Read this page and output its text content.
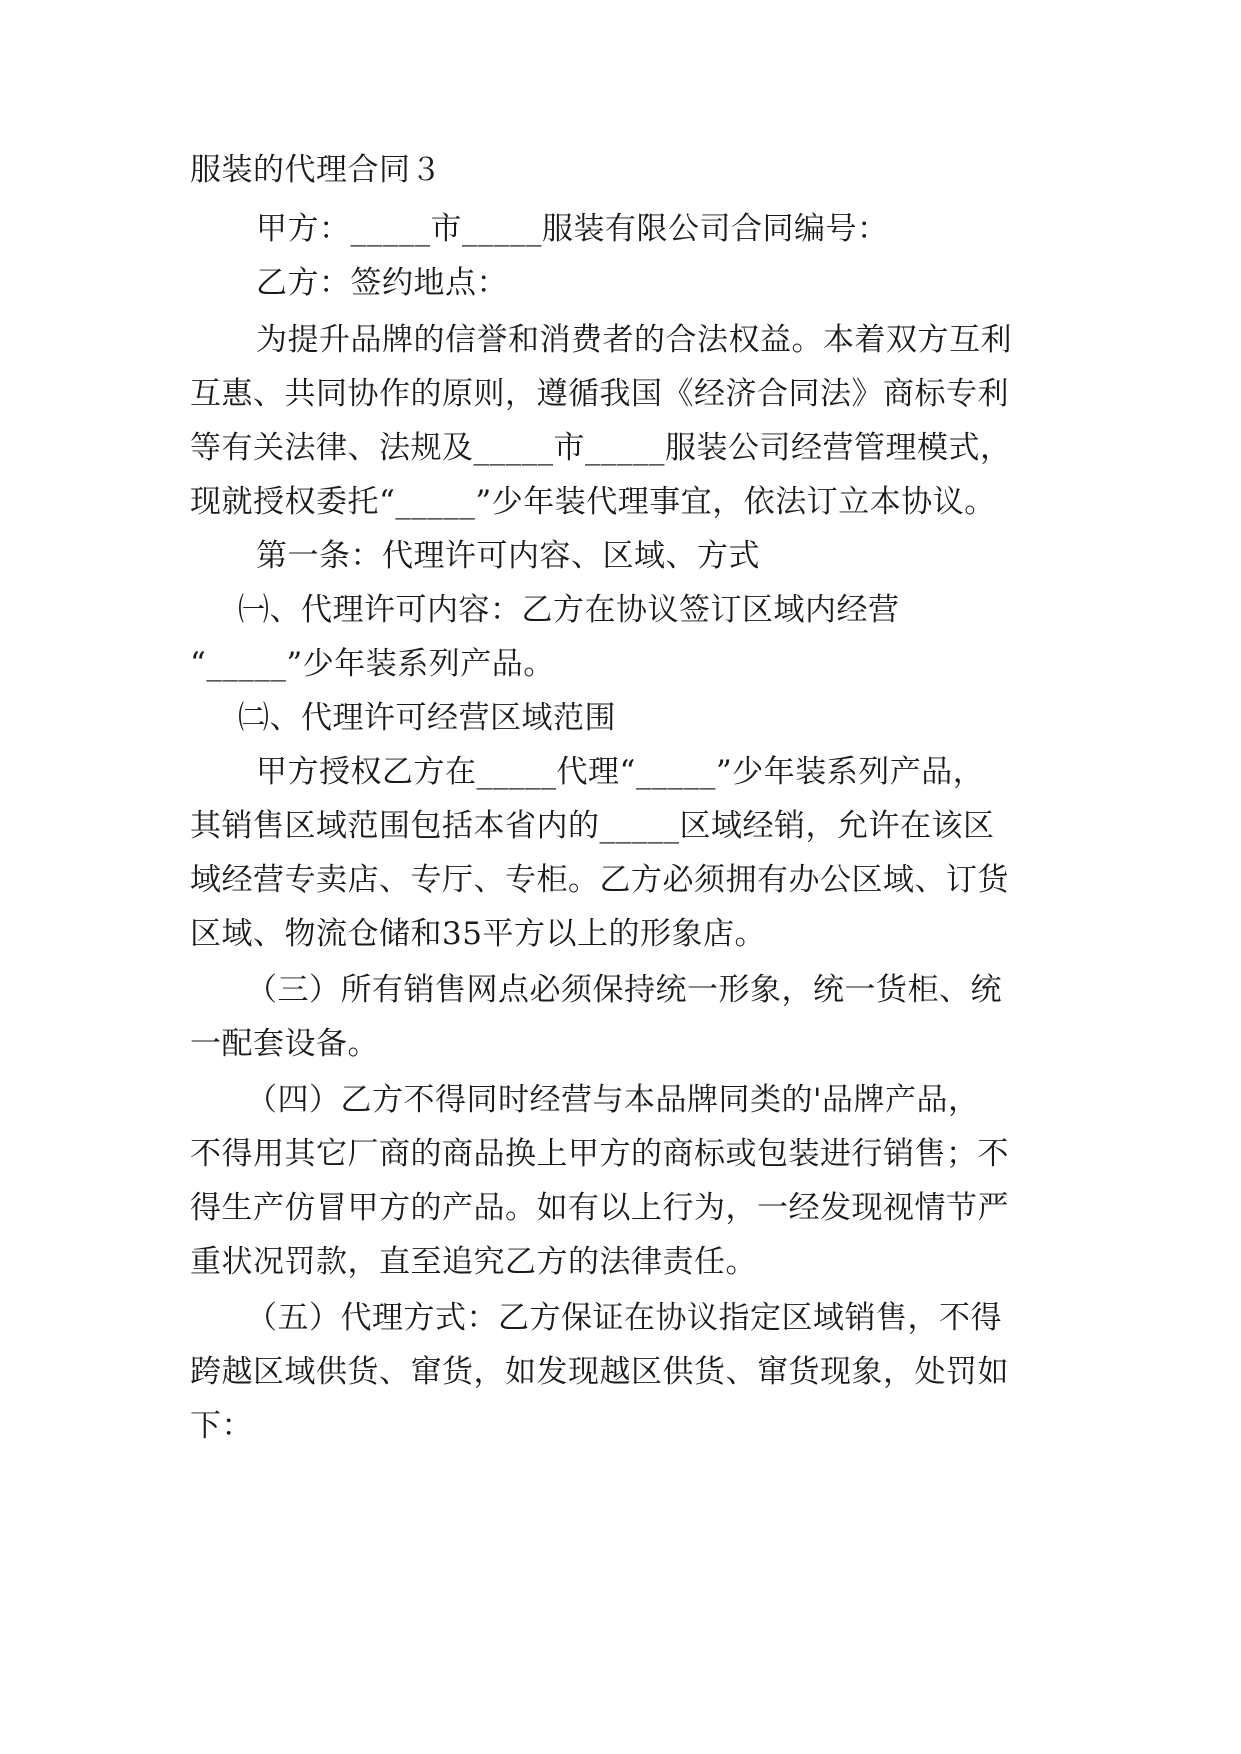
服装的代理合同３
甲方：_____市_____服装有限公司合同编号：
乙方：签约地点：
为提升品牌的信誉和消费者的合法权益。本着双方互利
互惠、共同协作的原则，遵循我国《经济合同法》商标专利
等有关法律、法规及_____市_____服装公司经营管理模式，
现就授权委托“_____”少年装代理事宜，依法订立本协议。
第一条：代理许可内容、区域、方式
㈠、代理许可内容：乙方在协议签订区域内经营
“_____”少年装系列产品。
㈡、代理许可经营区域范围
甲方授权乙方在_____代理“_____”少年装系列产品，
其销售区域范围包括本省内的_____区域经销，允许在该区
域经营专卖店、专厅、专柜。乙方必须拥有办公区域、订货
区域、物流仓储和35平方以上的形象店。
（三）所有销售网点必须保持统一形象，统一货柜、统
一配套设备。
（四）乙方不得同时经营与本品牌同类的'品牌产品，
不得用其它厂商的商品换上甲方的商标或包装进行销售；不
得生产仿冒甲方的产品。如有以上行为，一经发现视情节严
重状况罚款，直至追究乙方的法律责任。
（五）代理方式：乙方保证在协议指定区域销售，不得
跨越区域供货、窜货，如发现越区供货、窜货现象，处罚如
下：
